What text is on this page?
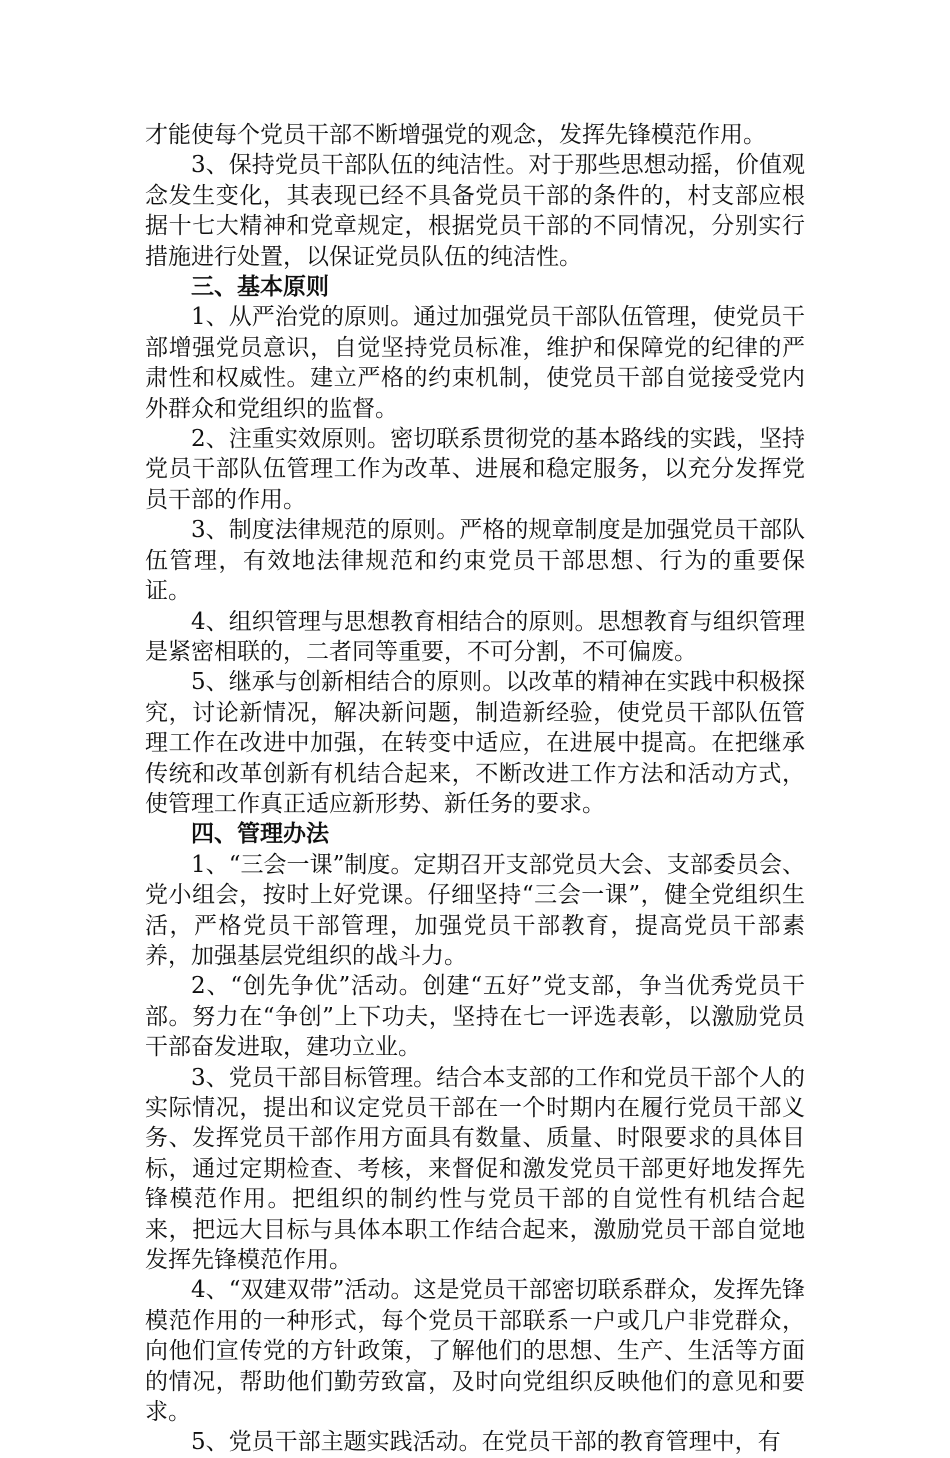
才能使每个党员干部不断增强党的观念，发挥先锋模范作用。

3、保持党员干部队伍的纯洁性。对于那些思想动摇，价值观念发生变化，其表现已经不具备党员干部的条件的，村支部应根据十七大精神和党章规定，根据党员干部的不同情况，分别实行措施进行处置，以保证党员队伍的纯洁性。

三、基本原则

1、从严治党的原则。通过加强党员干部队伍管理，使党员干部增强党员意识，自觉坚持党员标准，维护和保障党的纪律的严肃性和权威性。建立严格的约束机制，使党员干部自觉接受党内外群众和党组织的监督。

2、注重实效原则。密切联系贯彻党的基本路线的实践，坚持党员干部队伍管理工作为改革、进展和稳定服务，以充分发挥党员干部的作用。

3、制度法律规范的原则。严格的规章制度是加强党员干部队伍管理，有效地法律规范和约束党员干部思想、行为的重要保证。

4、组织管理与思想教育相结合的原则。思想教育与组织管理是紧密相联的，二者同等重要，不可分割，不可偏废。

5、继承与创新相结合的原则。以改革的精神在实践中积极探究，讨论新情况，解决新问题，制造新经验，使党员干部队伍管理工作在改进中加强，在转变中适应，在进展中提高。在把继承传统和改革创新有机结合起来，不断改进工作方法和活动方式，使管理工作真正适应新形势、新任务的要求。

四、管理办法

1、“三会一课”制度。定期召开支部党员大会、支部委员会、党小组会，按时上好党课。仔细坚持“三会一课”，健全党组织生活，严格党员干部管理，加强党员干部教育，提高党员干部素养，加强基层党组织的战斗力。

2、“创先争优”活动。创建“五好”党支部，争当优秀党员干部。努力在“争创”上下功夫，坚持在七一评选表彰，以激励党员干部奋发进取，建功立业。

3、党员干部目标管理。结合本支部的工作和党员干部个人的实际情况，提出和议定党员干部在一个时期内在履行党员干部义务、发挥党员干部作用方面具有数量、质量、时限要求的具体目标，通过定期检查、考核，来督促和激发党员干部更好地发挥先锋模范作用。把组织的制约性与党员干部的自觉性有机结合起来，把远大目标与具体本职工作结合起来，激励党员干部自觉地发挥先锋模范作用。

4、“双建双带”活动。这是党员干部密切联系群众，发挥先锋模范作用的一种形式，每个党员干部联系一户或几户非党群众，向他们宣传党的方针政策，了解他们的思想、生产、生活等方面的情况，帮助他们勤劳致富，及时向党组织反映他们的意见和要求。

5、党员干部主题实践活动。在党员干部的教育管理中，有
